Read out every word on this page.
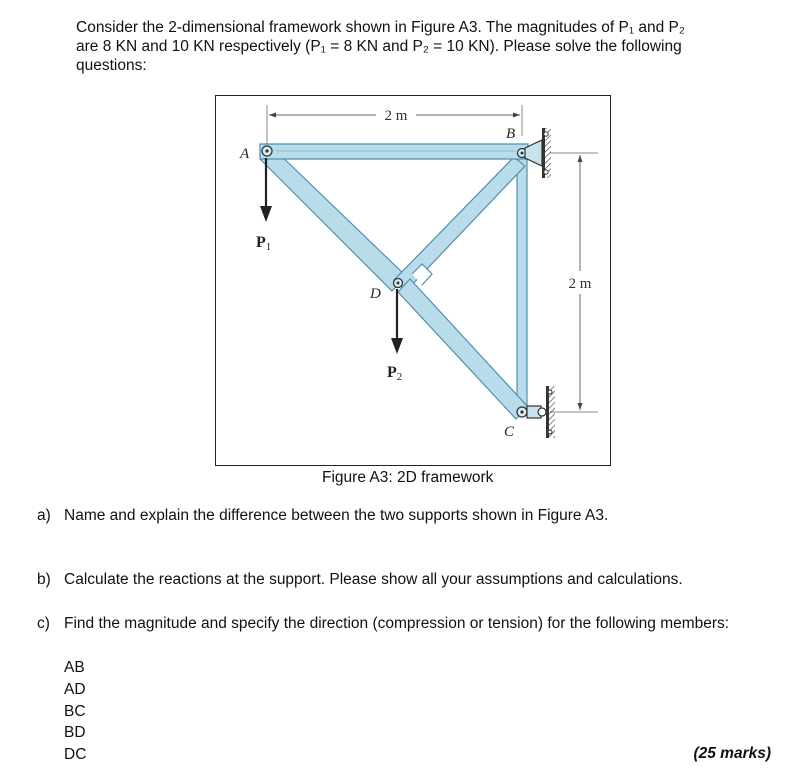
Consider the 2-dimensional framework shown in Figure A3. The magnitudes of P₁ and P₂
are 8 KN and 10 KN respectively (P₁ = 8 KN and P₂ = 10 KN). Please solve the following
questions:
2 m
2 m
A
B
C
D
P1
P2
Figure A3: 2D framework
a) Name and explain the difference between the two supports shown in Figure A3.
b) Calculate the reactions at the support. Please show all your assumptions and calculations.
c) Find the magnitude and specify the direction (compression or tension) for the following members:
AB
AD
BC
BD
DC	(25 marks)
